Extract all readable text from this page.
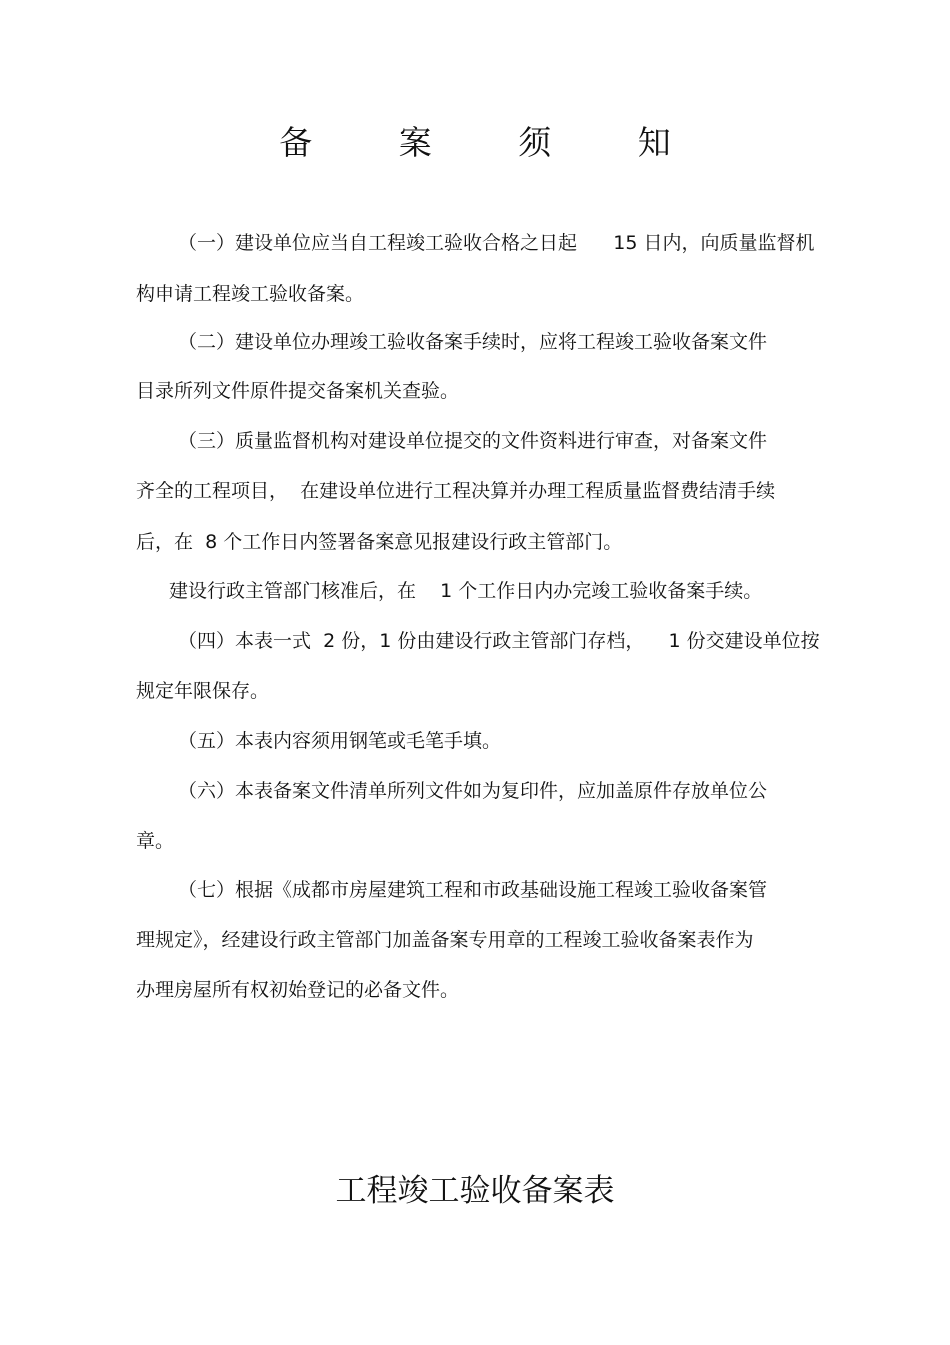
备 案 须 知
（一）建设单位应当自工程竣工验收合格之日起      15 日内，向质量监督机
构申请工程竣工验收备案。
（二）建设单位办理竣工验收备案手续时，应将工程竣工验收备案文件
目录所列文件原件提交备案机关查验。
（三）质量监督机构对建设单位提交的文件资料进行审查，对备案文件
齐全的工程项目，  在建设单位进行工程决算并办理工程质量监督费结清手续
后，在  8 个工作日内签署备案意见报建设行政主管部门。
建设行政主管部门核准后，在    1 个工作日内办完竣工验收备案手续。
（四）本表一式  2 份，1 份由建设行政主管部门存档，    1 份交建设单位按
规定年限保存。
（五）本表内容须用钢笔或毛笔手填。
（六）本表备案文件清单所列文件如为复印件，应加盖原件存放单位公
章。
（七）根据《成都市房屋建筑工程和市政基础设施工程竣工验收备案管
理规定》，经建设行政主管部门加盖备案专用章的工程竣工验收备案表作为
办理房屋所有权初始登记的必备文件。
工程竣工验收备案表
